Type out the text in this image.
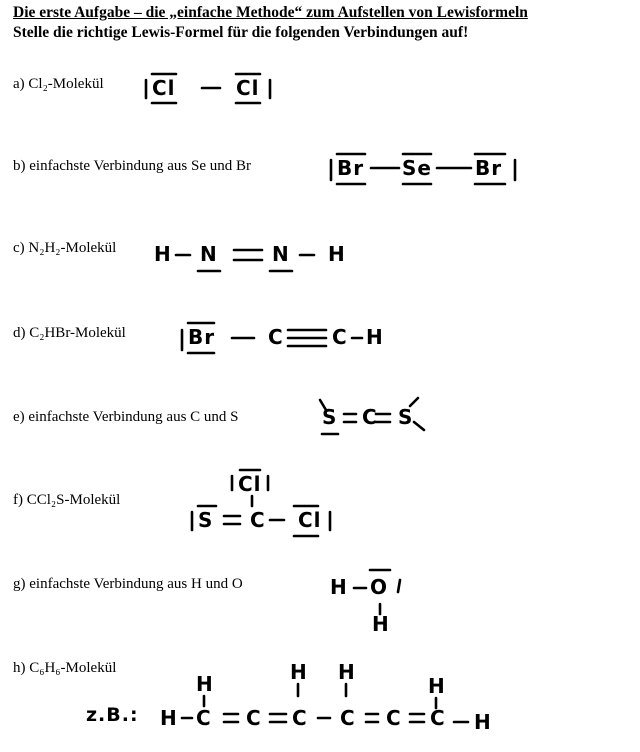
Die erste Aufgabe – die „einfache Methode“ zum Aufstellen von Lewisformeln
Stelle die richtige Lewis-Formel für die folgenden Verbindungen auf!
a) Cl₂-Molekül Cl	Cl
b) einfachste Verbindung aus Se und Br	Br Se Br
c) N₂H₂-Molekül H N	N H
d) C₂HBr-Molekül	Br	C C H
e) einfachste Verbindung aus C und S	S C S
f) CCl₂S-Molekül
Cl
S C Cl
g) einfachste Verbindung aus H und O	H O
H
h) C₆H₆-Molekül
z.B.:
H	H H
H
H C C C C C C H
